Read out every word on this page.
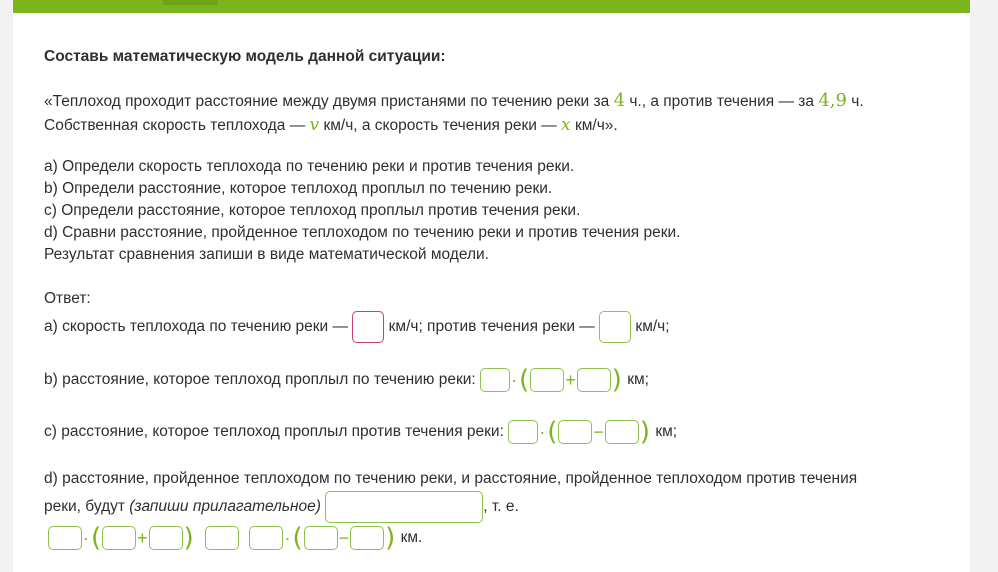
Составь математическую модель данной ситуации:
«Теплоход проходит расстояние между двумя пристанями по течению реки за 4 ч., а против течения — за 4,9 ч.
Собственная скорость теплохода — v км/ч, а скорость течения реки — x км/ч».
a) Определи скорость теплохода по течению реки и против течения реки.
b) Определи расстояние, которое теплоход проплыл по течению реки.
c) Определи расстояние, которое теплоход проплыл против течения реки.
d) Сравни расстояние, пройденное теплоходом по течению реки и против течения реки.
Результат сравнения запиши в виде математической модели.
Ответ:
a) скорость теплохода по течению реки —	км/ч; против течения реки —	км/ч;
b) расстояние, которое теплоход проплыл по течению реки: ·( + ) км;
c) расстояние, которое теплоход проплыл против течения реки: ·( − ) км;
d) расстояние, пройденное теплоходом по течению реки, и расстояние, пройденное теплоходом против течения
реки, будут (запиши прилагательное)	, т. е.
·( + )	·( − ) км.
